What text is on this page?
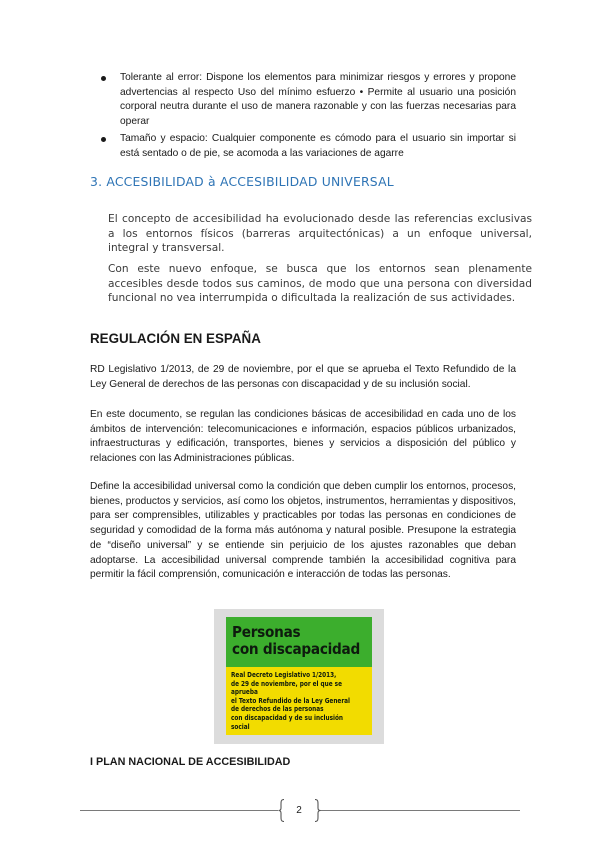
Tolerante al error: Dispone los elementos para minimizar riesgos y errores y propone advertencias al respecto Uso del mínimo esfuerzo • Permite al usuario una posición corporal neutra durante el uso de manera razonable y con las fuerzas necesarias para operar
Tamaño y espacio: Cualquier componente es cómodo para el usuario sin importar si está sentado o de pie, se acomoda a las variaciones de agarre
3. ACCESIBILIDAD à ACCESIBILIDAD UNIVERSAL

El concepto de accesibilidad ha evolucionado desde las referencias exclusivas a los entornos físicos (barreras arquitectónicas) a un enfoque universal, integral y transversal.

Con este nuevo enfoque, se busca que los entornos sean plenamente accesibles desde todos sus caminos, de modo que una persona con diversidad funcional no vea interrumpida o dificultada la realización de sus actividades.

REGULACIÓN EN ESPAÑA

RD Legislativo 1/2013, de 29 de noviembre, por el que se aprueba el Texto Refundido de la Ley General de derechos de las personas con discapacidad y de su inclusión social.

En este documento, se regulan las condiciones básicas de accesibilidad en cada uno de los ámbitos de intervención: telecomunicaciones e información, espacios públicos urbanizados, infraestructuras y edificación, transportes, bienes y servicios a disposición del público y relaciones con las Administraciones públicas.

Define la accesibilidad universal como la condición que deben cumplir los entornos, procesos, bienes, productos y servicios, así como los objetos, instrumentos, herramientas y dispositivos, para ser comprensibles, utilizables y practicables por todas las personas en condiciones de seguridad y comodidad de la forma más autónoma y natural posible. Presupone la estrategia de “diseño universal” y se entiende sin perjuicio de los ajustes razonables que deban adoptarse. La accesibilidad universal comprende también la accesibilidad cognitiva para permitir la fácil comprensión, comunicación e interacción de todas las personas.

Personas
con discapacidad

Real Decreto Legislativo 1/2013,
de 29 de noviembre, por el que se aprueba
el Texto Refundido de la Ley General
de derechos de las personas
con discapacidad y de su inclusión social

I PLAN NACIONAL DE ACCESIBILIDAD
2
